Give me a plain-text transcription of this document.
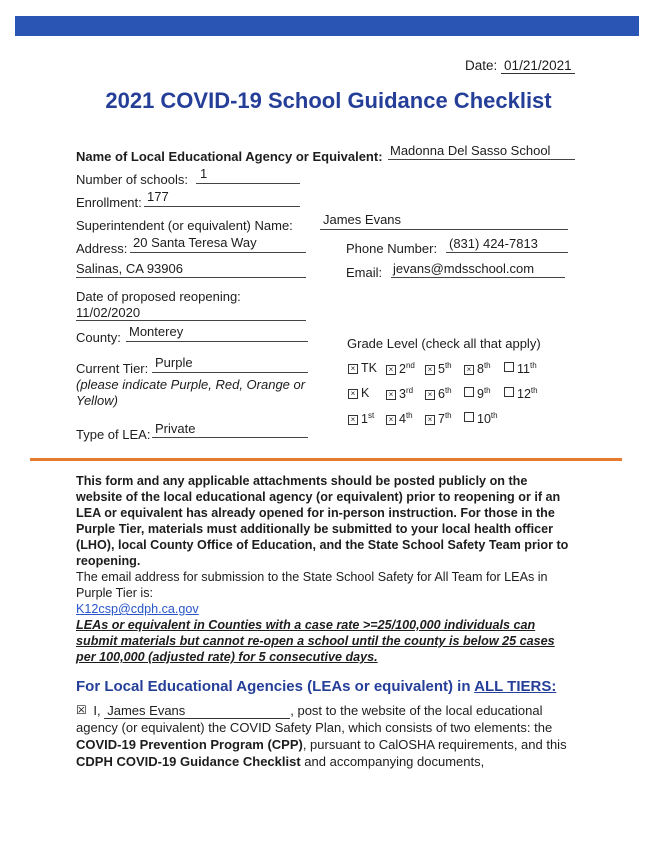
Date: 01/21/2021
2021 COVID-19 School Guidance Checklist
Name of Local Educational Agency or Equivalent: Madonna Del Sasso School
Number of schools: 1
Enrollment: 177
Superintendent (or equivalent) Name: James Evans
Address: 20 Santa Teresa Way
Salinas, CA 93906
Phone Number: (831) 424-7813
Email: jevans@mdsschool.com
Date of proposed reopening:
11/02/2020
County: Monterey
Current Tier: Purple
(please indicate Purple, Red, Orange or Yellow)
Type of LEA: Private
Grade Level (check all that apply)
× TK	× 2nd	× 5th	× 8th	11th
× K	× 3rd	× 6th	9th	12th
× 1st	× 4th	× 7th	10th
This form and any applicable attachments should be posted publicly on the website of the local educational agency (or equivalent) prior to reopening or if an LEA or equivalent has already opened for in-person instruction. For those in the Purple Tier, materials must additionally be submitted to your local health officer (LHO), local County Office of Education, and the State School Safety Team prior to reopening.
The email address for submission to the State School Safety for All Team for LEAs in Purple Tier is:
K12csp@cdph.ca.gov
LEAs or equivalent in Counties with a case rate >=25/100,000 individuals can submit materials but cannot re-open a school until the county is below 25 cases per 100,000 (adjusted rate) for 5 consecutive days.
For Local Educational Agencies (LEAs or equivalent) in ALL TIERS:
☒ I, James Evans	, post to the website of the local educational agency (or equivalent) the COVID Safety Plan, which consists of two elements: the COVID-19 Prevention Program (CPP), pursuant to CalOSHA requirements, and this CDPH COVID-19 Guidance Checklist and accompanying documents,
